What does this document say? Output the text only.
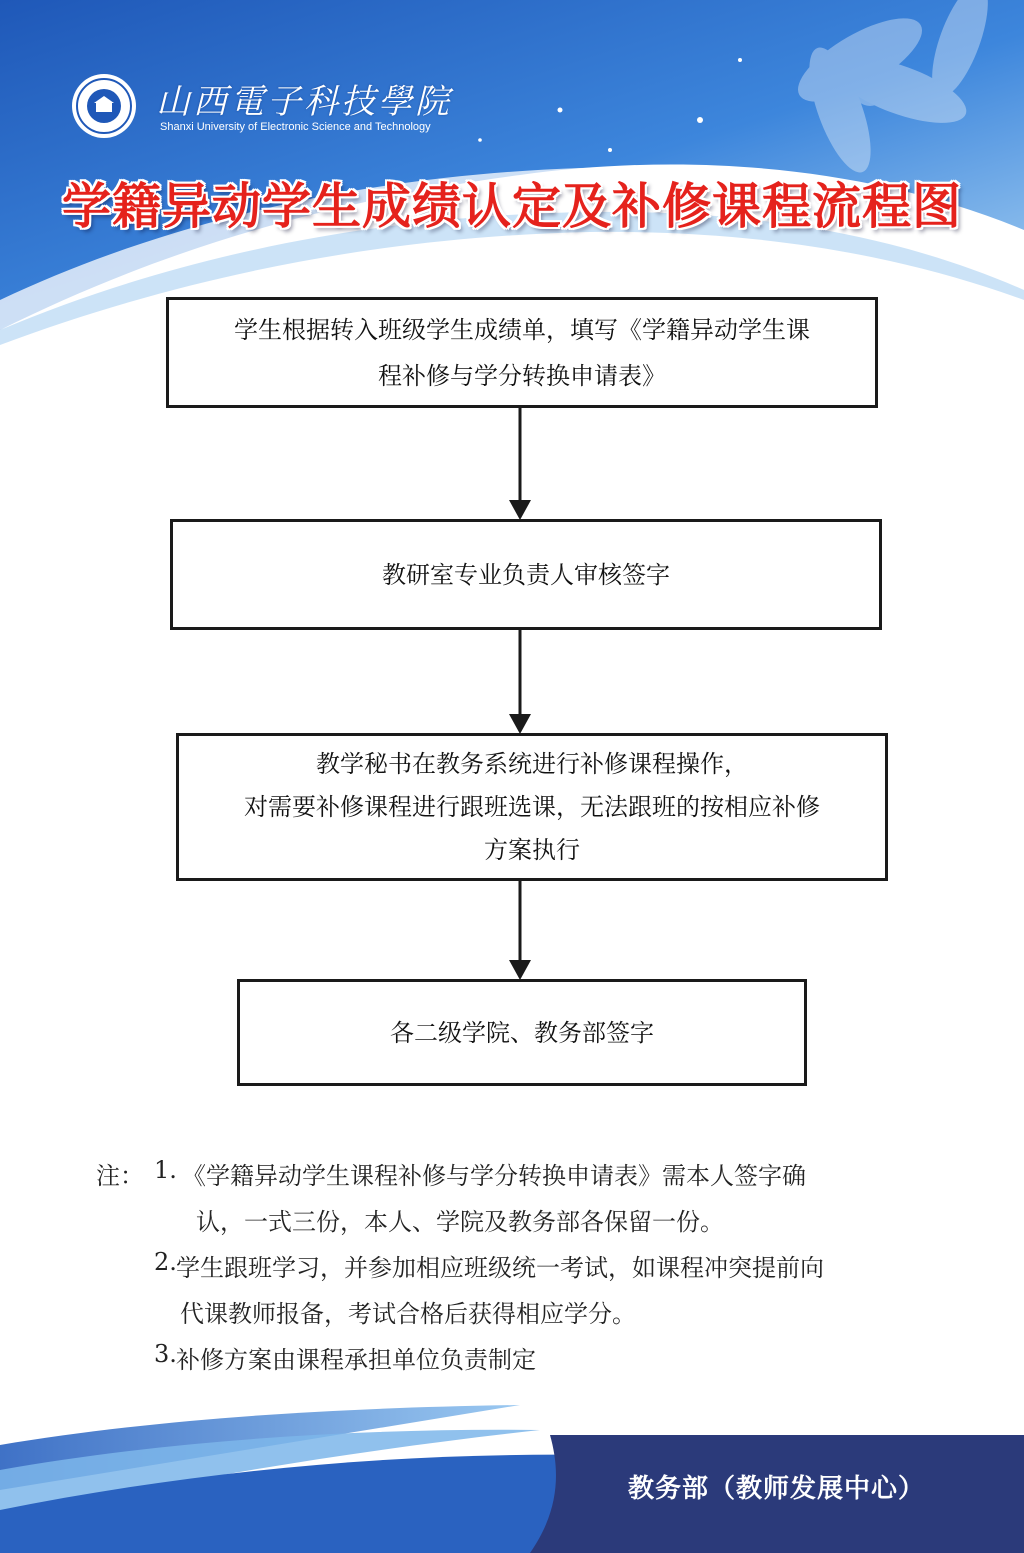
山西電子科技學院
Shanxi University of Electronic Science and Technology
学籍异动学生成绩认定及补修课程流程图
学生根据转入班级学生成绩单，填写《学籍异动学生课
程补修与学分转换申请表》
教研室专业负责人审核签字
教学秘书在教务系统进行补修课程操作，
对需要补修课程进行跟班选课，无法跟班的按相应补修
方案执行
各二级学院、教务部签字
注： 1. 《学籍异动学生课程补修与学分转换申请表》需本人签字确
认，一式三份，本人、学院及教务部各保留一份。
2. 学生跟班学习，并参加相应班级统一考试，如课程冲突提前向
代课教师报备，考试合格后获得相应学分。
3. 补修方案由课程承担单位负责制定
教务部（教师发展中心）
